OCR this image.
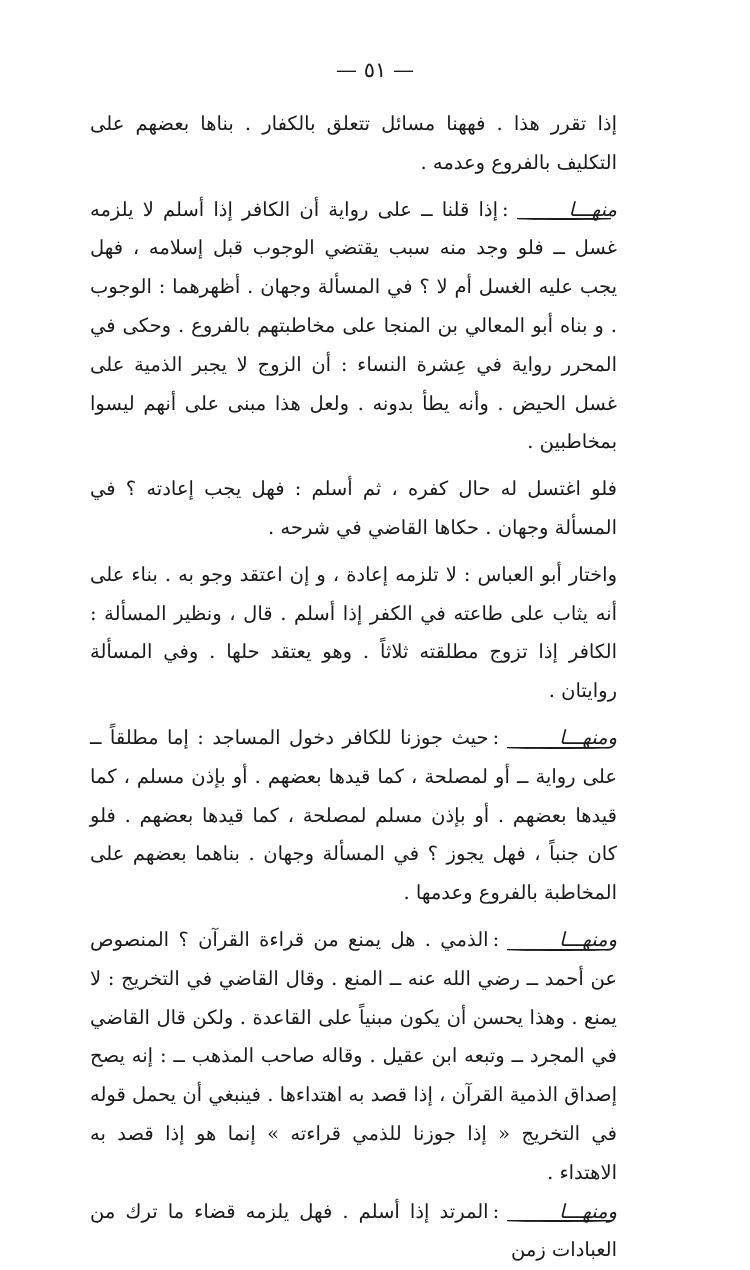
— ٥١ —

إذا تقرر هذا . فههنا مسائل تتعلق بالكفار . بناها بعضهم على التكليف بالفروع وعدمه .

منهـــا:إذا قلنا ــ على رواية أن الكافر إذا أسلم لا يلزمه غسل ــ فلو وجد منه سبب يقتضي الوجوب قبل إسلامه ، فهل يجب عليه الغسل أم لا ؟ في المسألة وجهان . أظهرهما : الوجوب . و بناه أبو المعالي بن المنجا على مخاطبتهم بالفروع . وحكى في المحرر رواية في عِشرة النساء : أن الزوج لا يجبر الذمية على غسل الحيض . وأنه يطأ بدونه . ولعل هذا مبنى على أنهم ليسوا بمخاطبين .

فلو اغتسل له حال كفره ، ثم أسلم : فهل يجب إعادته ؟ في المسألة وجهان . حكاها القاضي في شرحه .

واختار أبو العباس : لا تلزمه إعادة ، و إن اعتقد وجو به . بناء على أنه يثاب على طاعته في الكفر إذا أسلم . قال ، ونظير المسألة : الكافر إذا تزوج مطلقته ثلاثاً . وهو يعتقد حلها . وفي المسألة روايتان .

ومنهـــا:حيث جوزنا للكافر دخول المساجد : إما مطلقاً ــ على رواية ــ أو لمصلحة ، كما قيدها بعضهم . أو بإذن مسلم ، كما قيدها بعضهم . أو بإذن مسلم لمصلحة ، كما قيدها بعضهم . فلو كان جنباً ، فهل يجوز ؟ في المسألة وجهان . بناهما بعضهم على المخاطبة بالفروع وعدمها .

ومنهـــا:الذمي . هل يمنع من قراءة القرآن ؟ المنصوص عن أحمد ــ رضي الله عنه ــ المنع . وقال القاضي في التخريج : لا يمنع . وهذا يحسن أن يكون مبنياً على القاعدة . ولكن قال القاضي في المجرد ــ وتبعه ابن عقيل . وقاله صاحب المذهب ــ : إنه يصح إصداق الذمية القرآن ، إذا قصد به اهتداءها . فينبغي أن يحمل قوله في التخريج « إذا جوزنا للذمي قراءته » إنما هو إذا قصد به الاهتداء .

ومنهـــا:المرتد إذا أسلم . فهل يلزمه قضاء ما ترك من العبادات زمن
